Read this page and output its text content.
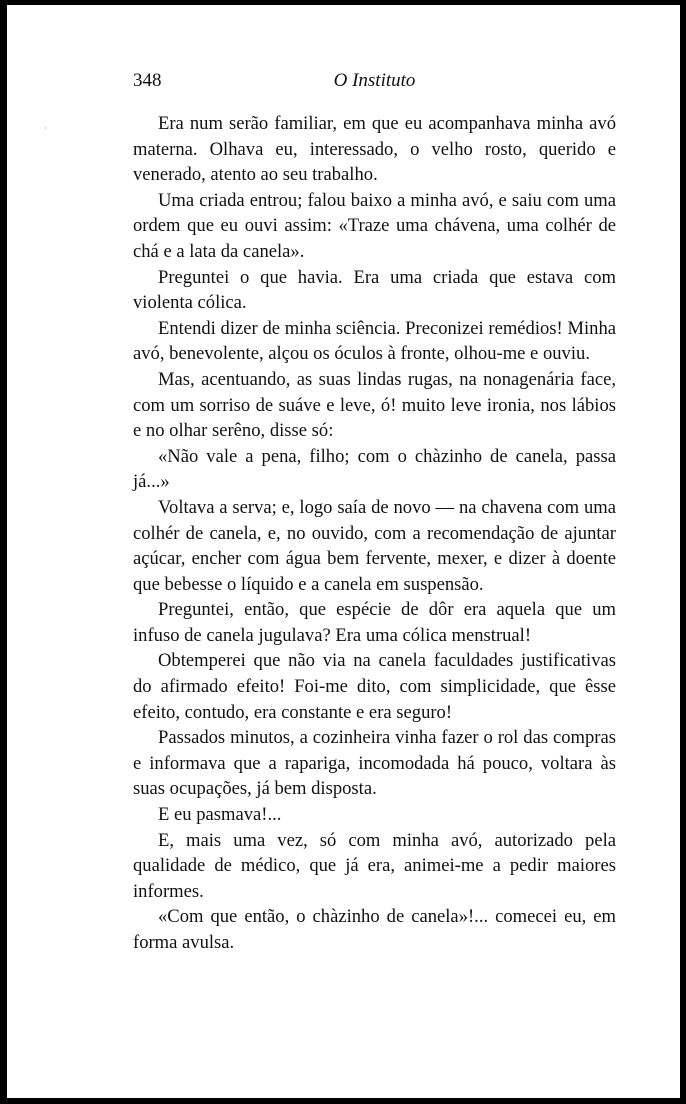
·
348	O Instituto

Era num serão familiar, em que eu acompanhava minha avó materna. Olhava eu, interessado, o velho rosto, querido e venerado, atento ao seu trabalho.

Uma criada entrou; falou baixo a minha avó, e saiu com uma ordem que eu ouvi assim: «Traze uma chávena, uma colhér de chá e a lata da canela».

Preguntei o que havia. Era uma criada que estava com violenta cólica.

Entendi dizer de minha sciência. Preconizei remédios! Minha avó, benevolente, alçou os óculos à fronte, olhou-me e ouviu.

Mas, acentuando, as suas lindas rugas, na nonagenária face, com um sorriso de suáve e leve, ó! muito leve ironia, nos lábios e no olhar serêno, disse só:

«Não vale a pena, filho; com o chàzinho de canela, passa já...»

Voltava a serva; e, logo saía de novo — na chavena com uma colhér de canela, e, no ouvido, com a recomendação de ajuntar açúcar, encher com água bem fervente, mexer, e dizer à doente que bebesse o líquido e a canela em suspensão.

Preguntei, então, que espécie de dôr era aquela que um infuso de canela jugulava? Era uma cólica menstrual!

Obtemperei que não via na canela faculdades justificativas do afirmado efeito! Foi-me dito, com simplicidade, que êsse efeito, contudo, era constante e era seguro!

Passados minutos, a cozinheira vinha fazer o rol das compras e informava que a rapariga, incomodada há pouco, voltara às suas ocupações, já bem disposta.

E eu pasmava!...

E, mais uma vez, só com minha avó, autorizado pela qualidade de médico, que já era, animei-me a pedir maiores informes.

«Com que então, o chàzinho de canela»!... comecei eu, em forma avulsa.
